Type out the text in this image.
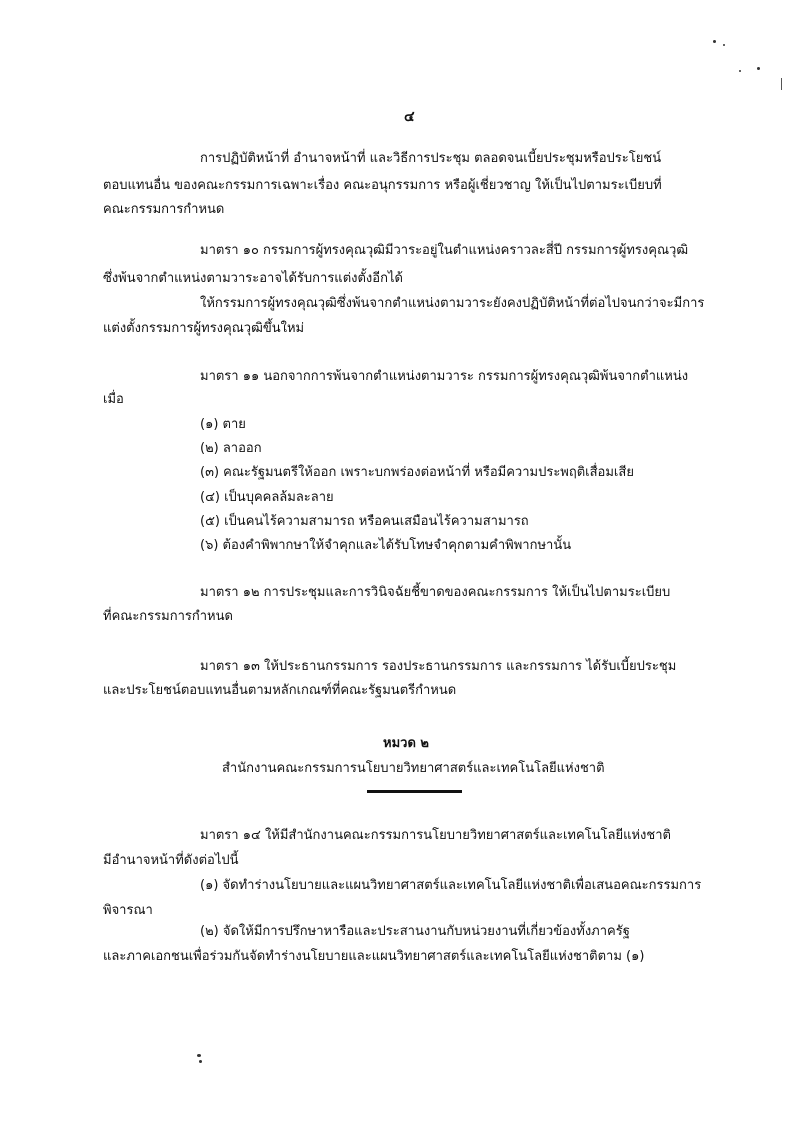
๔
การปฏิบัติหน้าที่ อำนาจหน้าที่ และวิธีการประชุม ตลอดจนเบี้ยประชุมหรือประโยชน์
ตอบแทนอื่น ของคณะกรรมการเฉพาะเรื่อง คณะอนุกรรมการ หรือผู้เชี่ยวชาญ ให้เป็นไปตามระเบียบที่
คณะกรรมการกำหนด
มาตรา ๑๐ กรรมการผู้ทรงคุณวุฒิมีวาระอยู่ในตำแหน่งคราวละสี่ปี กรรมการผู้ทรงคุณวุฒิ
ซึ่งพ้นจากตำแหน่งตามวาระอาจได้รับการแต่งตั้งอีกได้
ให้กรรมการผู้ทรงคุณวุฒิซึ่งพ้นจากตำแหน่งตามวาระยังคงปฏิบัติหน้าที่ต่อไปจนกว่าจะมีการ
แต่งตั้งกรรมการผู้ทรงคุณวุฒิขึ้นใหม่
มาตรา ๑๑ นอกจากการพ้นจากตำแหน่งตามวาระ กรรมการผู้ทรงคุณวุฒิพ้นจากตำแหน่ง
เมื่อ
(๑) ตาย
(๒) ลาออก
(๓) คณะรัฐมนตรีให้ออก เพราะบกพร่องต่อหน้าที่ หรือมีความประพฤติเสื่อมเสีย
(๔) เป็นบุคคลล้มละลาย
(๕) เป็นคนไร้ความสามารถ หรือคนเสมือนไร้ความสามารถ
(๖) ต้องคำพิพากษาให้จำคุกและได้รับโทษจำคุกตามคำพิพากษานั้น
มาตรา ๑๒ การประชุมและการวินิจฉัยชี้ขาดของคณะกรรมการ ให้เป็นไปตามระเบียบ
ที่คณะกรรมการกำหนด
มาตรา ๑๓ ให้ประธานกรรมการ รองประธานกรรมการ และกรรมการ ได้รับเบี้ยประชุม
และประโยชน์ตอบแทนอื่นตามหลักเกณฑ์ที่คณะรัฐมนตรีกำหนด
หมวด ๒
สำนักงานคณะกรรมการนโยบายวิทยาศาสตร์และเทคโนโลยีแห่งชาติ
มาตรา ๑๔ ให้มีสำนักงานคณะกรรมการนโยบายวิทยาศาสตร์และเทคโนโลยีแห่งชาติ
มีอำนาจหน้าที่ดังต่อไปนี้
(๑) จัดทำร่างนโยบายและแผนวิทยาศาสตร์และเทคโนโลยีแห่งชาติเพื่อเสนอคณะกรรมการ
พิจารณา
(๒) จัดให้มีการปรึกษาหารือและประสานงานกับหน่วยงานที่เกี่ยวข้องทั้งภาครัฐ
และภาคเอกชนเพื่อร่วมกันจัดทำร่างนโยบายและแผนวิทยาศาสตร์และเทคโนโลยีแห่งชาติตาม (๑)
